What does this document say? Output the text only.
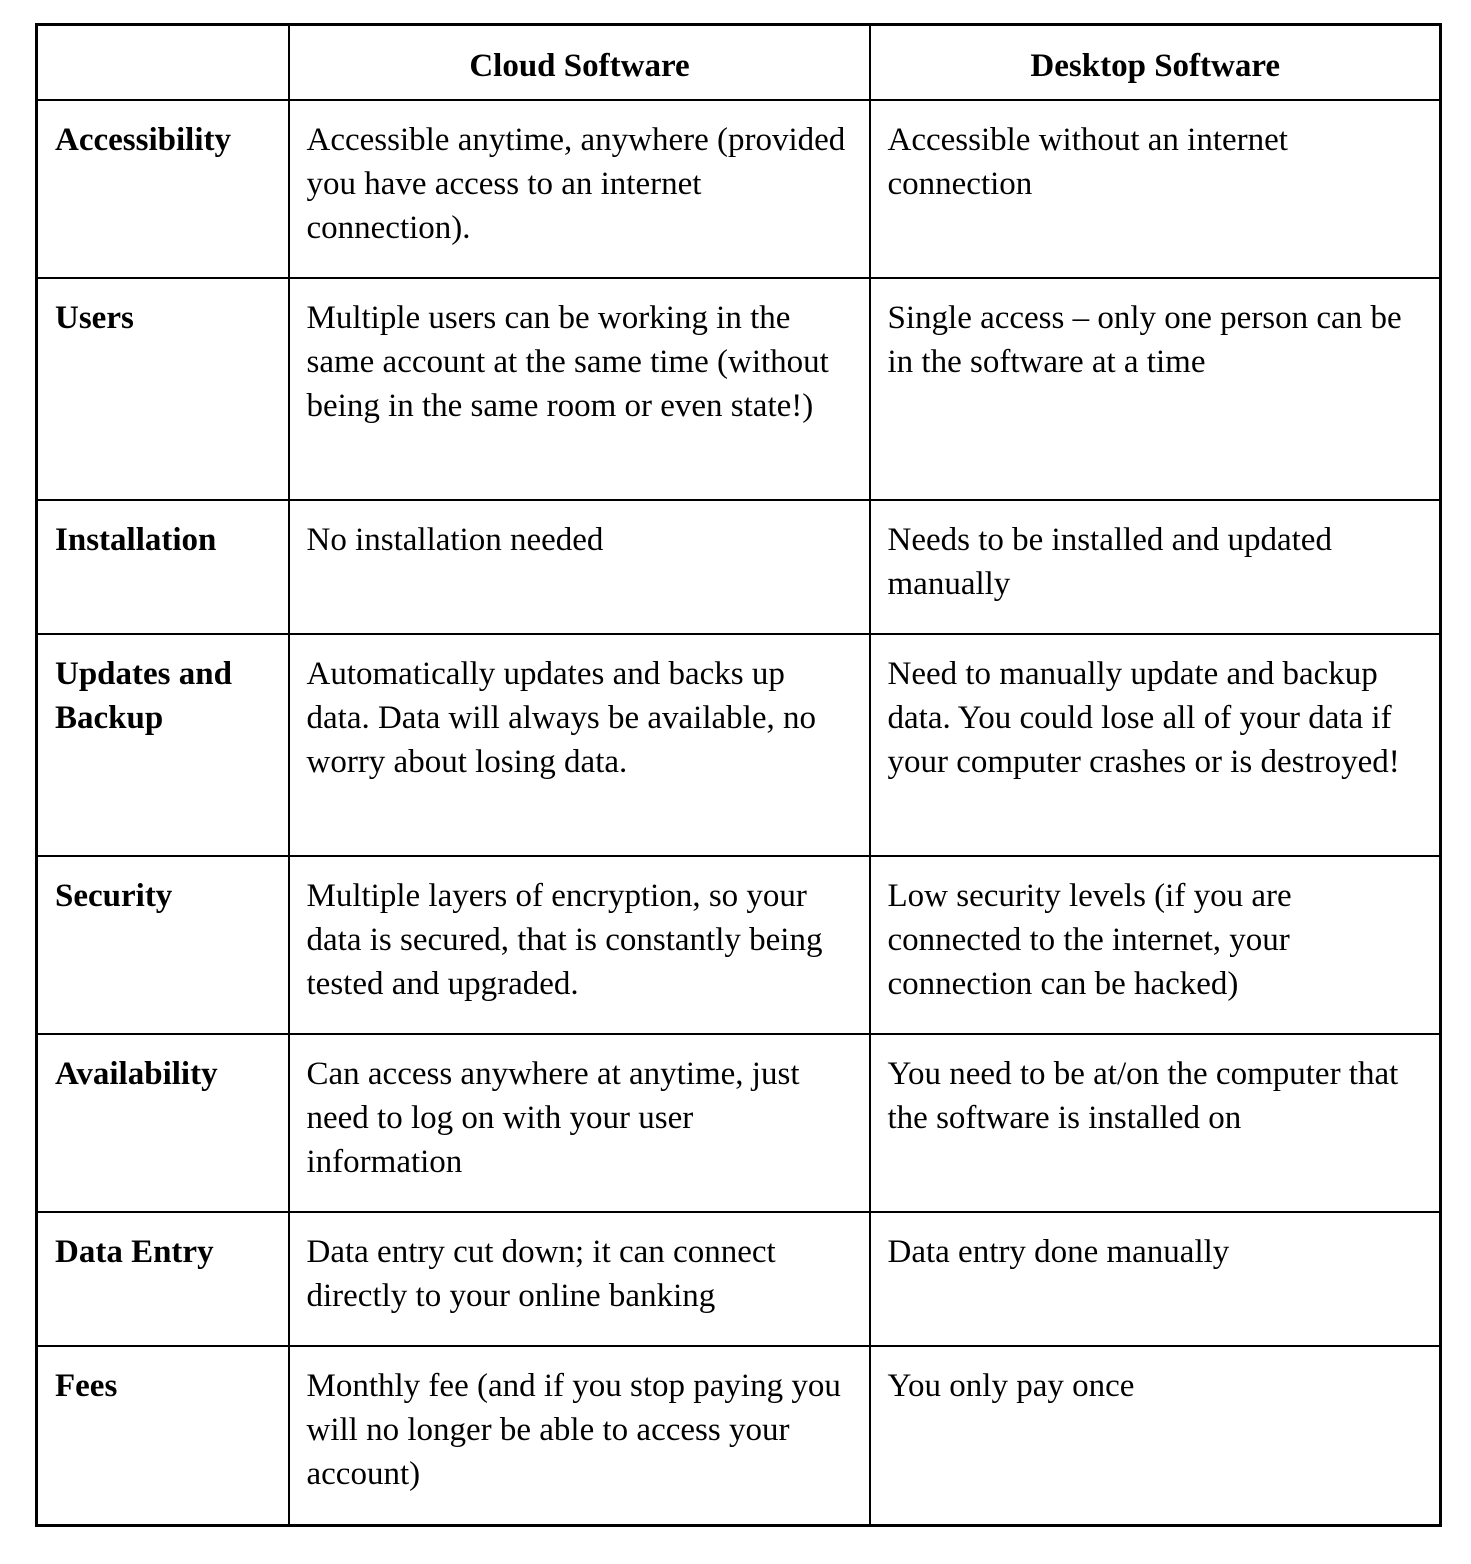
	Cloud Software	Desktop Software
Accessibility	Accessible anytime, anywhere (provided you have access to an internet connection).	Accessible without an internet connection
Users	Multiple users can be working in the same account at the same time (without being in the same room or even state!)	Single access – only one person can be in the software at a time
Installation	No installation needed	Needs to be installed and updated manually
Updates and Backup	Automatically updates and backs up data. Data will always be available, no worry about losing data.	Need to manually update and backup data. You could lose all of your data if your computer crashes or is destroyed!
Security	Multiple layers of encryption, so your data is secured, that is constantly being tested and upgraded.	Low security levels (if you are connected to the internet, your connection can be hacked)
Availability	Can access anywhere at anytime, just need to log on with your user information	You need to be at/on the computer that the software is installed on
Data Entry	Data entry cut down; it can connect directly to your online banking	Data entry done manually
Fees	Monthly fee (and if you stop paying you will no longer be able to access your account)	You only pay once
